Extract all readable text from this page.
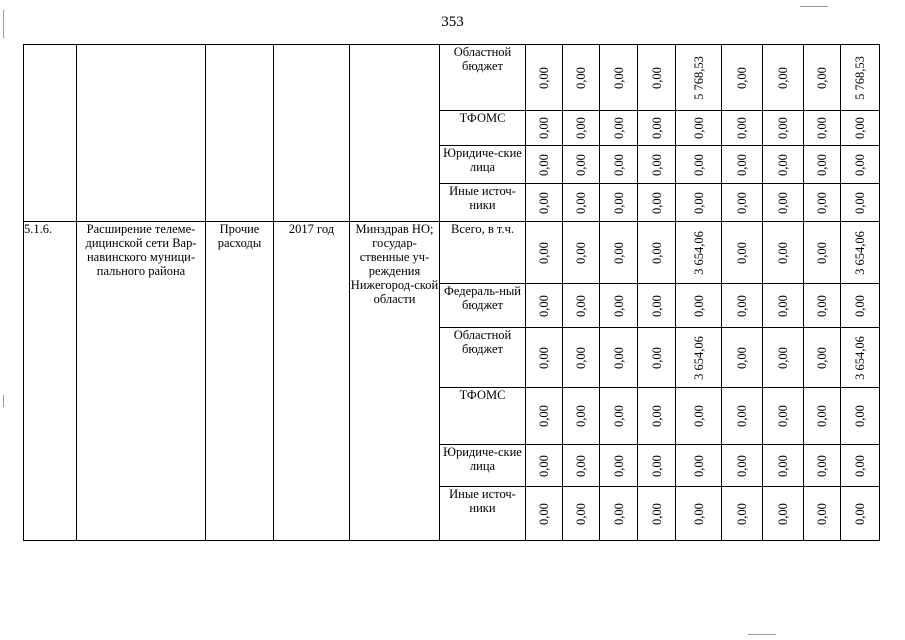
353
					Областной бюджет	0,00	0,00	0,00	0,00	5 768,53	0,00	0,00	0,00	5 768,53

					ТФОМС	0,00	0,00	0,00	0,00	0,00	0,00	0,00	0,00	0,00

					Юридиче-ские лица	0,00	0,00	0,00	0,00	0,00	0,00	0,00	0,00	0,00

					Иные источ-ники	0,00	0,00	0,00	0,00	0,00	0,00	0,00	0,00	0,00

5.1.6.	Расширение телеме-дицинской сети Вар-навинского муници-пального района	Прочие расходы	2017 год	Минздрав НО; государ-ственные уч-реждения Нижегород-ской области	Всего, в т.ч.	0,00	0,00	0,00	0,00	3 654,06	0,00	0,00	0,00	3 654,06

					Федераль-ный бюджет	0,00	0,00	0,00	0,00	0,00	0,00	0,00	0,00	0,00

					Областной бюджет	0,00	0,00	0,00	0,00	3 654,06	0,00	0,00	0,00	3 654,06

					ТФОМС	0,00	0,00	0,00	0,00	0,00	0,00	0,00	0,00	0,00

					Юридиче-ские лица	0,00	0,00	0,00	0,00	0,00	0,00	0,00	0,00	0,00

					Иные источ-ники	0,00	0,00	0,00	0,00	0,00	0,00	0,00	0,00	0,00
